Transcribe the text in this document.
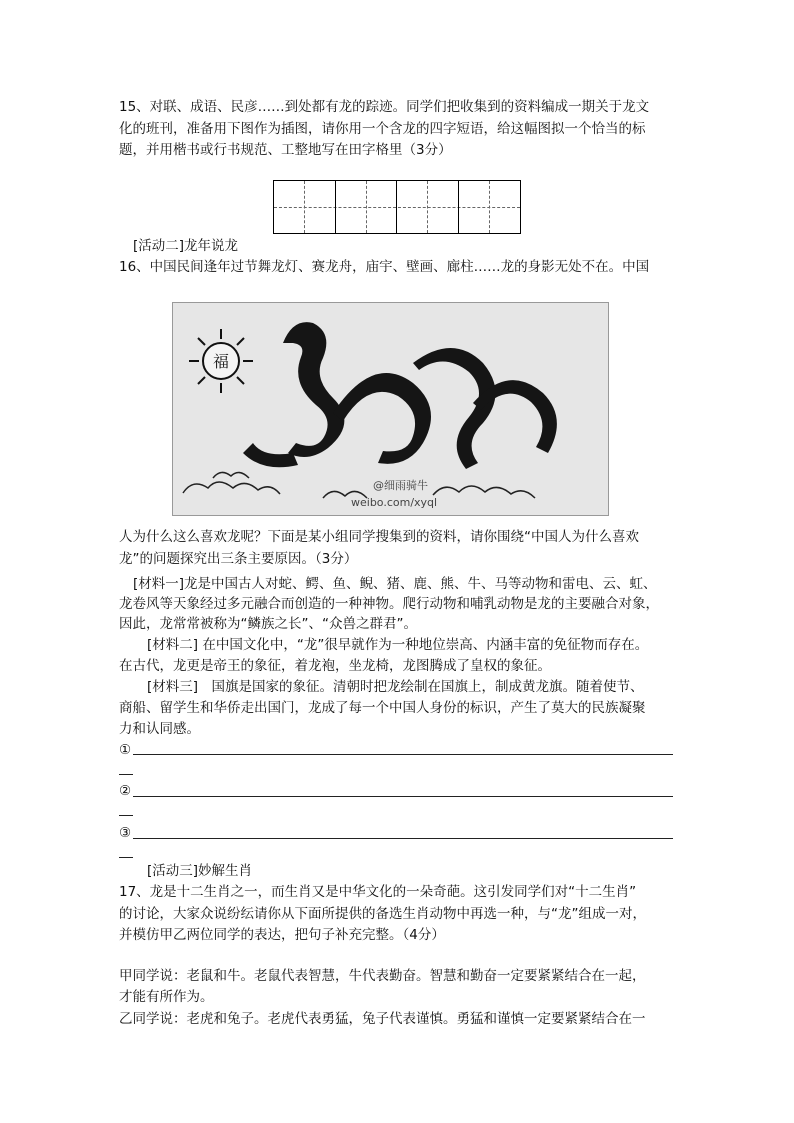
15、对联、成语、民彦……到处都有龙的踪迹。同学们把收集到的资料编成一期关于龙文
化的班刊，准备用下图作为插图，请你用一个含龙的四字短语，给这幅图拟一个恰当的标
题，并用楷书或行书规范、工整地写在田字格里（3分）
[活动二]龙年说龙
16、中国民间逢年过节舞龙灯、赛龙舟，庙宇、壁画、廊柱……龙的身影无处不在。中国
福
@细雨骑牛
weibo.com/xyql
人为什么这么喜欢龙呢？下面是某小组同学搜集到的资料，请你围绕“中国人为什么喜欢
龙”的问题探究出三条主要原因。（3分）
[材料一]龙是中国古人对蛇、鳄、鱼、鲵、猪、鹿、熊、牛、马等动物和雷电、云、虹、
龙卷风等天象经过多元融合而创造的一种神物。爬行动物和哺乳动物是龙的主要融合对象，
因此，龙常常被称为“鳞族之长”、“众兽之群君”。
[材料二] 在中国文化中，“龙”很早就作为一种地位崇高、内涵丰富的免征物而存在。
在古代，龙更是帝王的象征，着龙袍，坐龙椅，龙图腾成了皇权的象征。
[材料三]　国旗是国家的象征。清朝时把龙绘制在国旗上，制成黄龙旗。随着使节、
商船、留学生和华侨走出国门，龙成了每一个中国人身份的标识，产生了莫大的民族凝聚
力和认同感。
①
②
③
[活动三]妙解生肖
17、龙是十二生肖之一，而生肖又是中华文化的一朵奇葩。这引发同学们对“十二生肖”
的讨论，大家众说纷纭请你从下面所提供的备选生肖动物中再选一种，与“龙”组成一对，
并模仿甲乙两位同学的表达，把句子补充完整。（4分）
甲同学说：老鼠和牛。老鼠代表智慧，牛代表勤奋。智慧和勤奋一定要紧紧结合在一起，
才能有所作为。
乙同学说：老虎和兔子。老虎代表勇猛，兔子代表谨慎。勇猛和谨慎一定要紧紧结合在一
